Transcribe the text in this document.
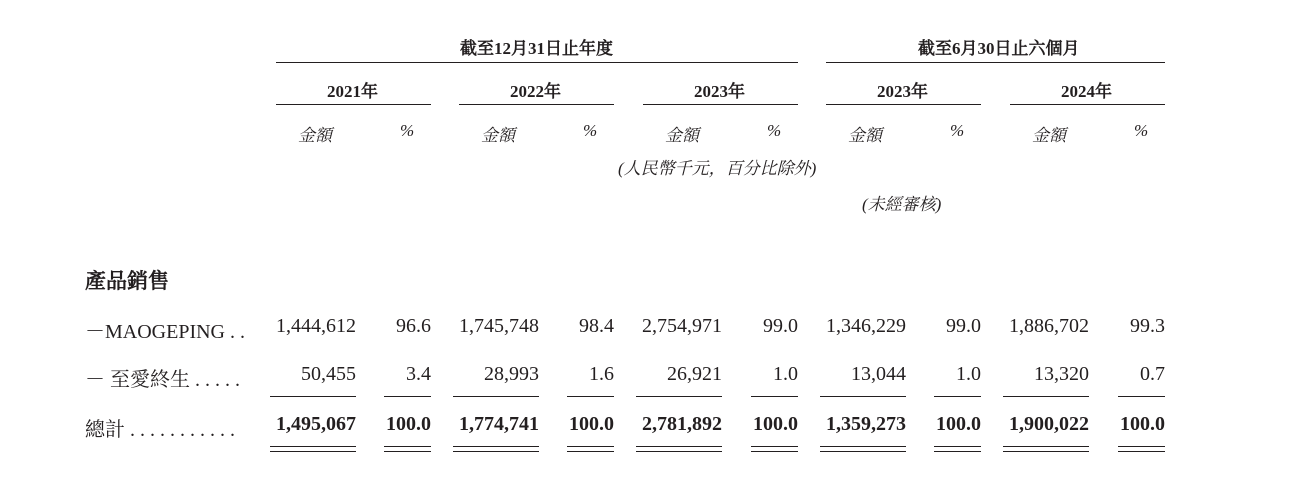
截至12月31日止年度	截至6月30日止六個月
2021年	2022年	2023年	2023年	2024年
金額	%	金額	%	金額	%	金額	%	金額	%
(人民幣千元，百分比除外)
(未經審核)
產品銷售
－MAOGEPING . .	1,444,612	96.6	1,745,748	98.4	2,754,971	99.0	1,346,229	99.0	1,886,702	99.3
－ 至愛終生 . . . . .	50,455	3.4	28,993	1.6	26,921	1.0	13,044	1.0	13,320	0.7
總計 . . . . . . . . . . .	1,495,067	100.0	1,774,741	100.0	2,781,892	100.0	1,359,273	100.0	1,900,022	100.0
